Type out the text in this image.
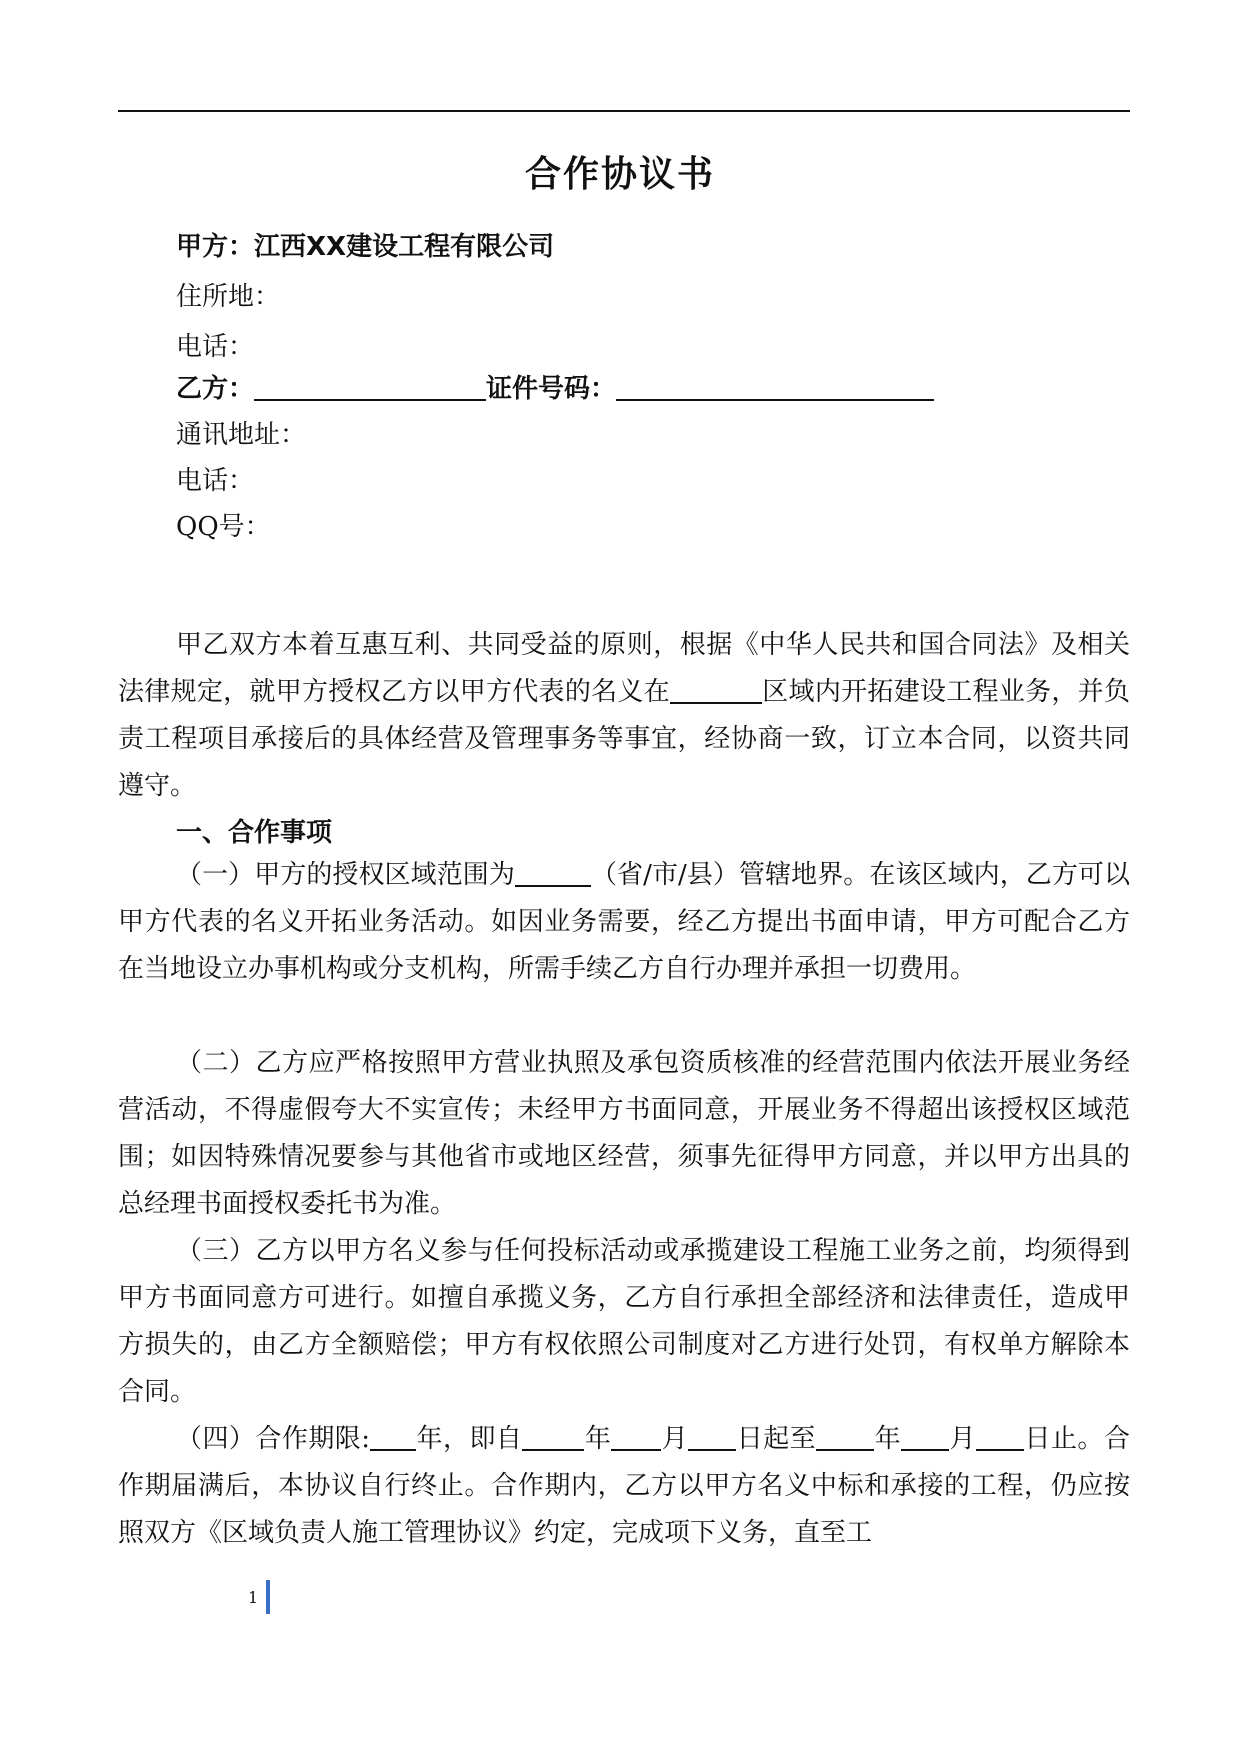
合作协议书
甲方：江西XX建设工程有限公司
住所地：
电话：
乙方：	证件号码：
通讯地址：
电话：
QQ号：

甲乙双方本着互惠互利、共同受益的原则，根据《中华人民共和国合同法》及相关法律规定，就甲方授权乙方以甲方代表的名义在	区域内开拓建设工程业务，并负责工程项目承接后的具体经营及管理事务等事宜，经协商一致，订立本合同，以资共同遵守。

一、合作事项

（一）甲方的授权区域范围为	（省/市/县）管辖地界。在该区域内，乙方可以甲方代表的名义开拓业务活动。如因业务需要，经乙方提出书面申请，甲方可配合乙方在当地设立办事机构或分支机构，所需手续乙方自行办理并承担一切费用。

（二）乙方应严格按照甲方营业执照及承包资质核准的经营范围内依法开展业务经营活动，不得虚假夸大不实宣传；未经甲方书面同意，开展业务不得超出该授权区域范围；如因特殊情况要参与其他省市或地区经营，须事先征得甲方同意，并以甲方出具的总经理书面授权委托书为准。

（三）乙方以甲方名义参与任何投标活动或承揽建设工程施工业务之前，均须得到甲方书面同意方可进行。如擅自承揽义务，乙方自行承担全部经济和法律责任，造成甲方损失的，由乙方全额赔偿；甲方有权依照公司制度对乙方进行处罚，有权单方解除本合同。

（四）合作期限: 年，即自 年 月 日起至 年 月 日止。合作期届满后，本协议自行终止。合作期内，乙方以甲方名义中标和承接的工程，仍应按照双方《区域负责人施工管理协议》约定，完成项下义务，直至工

1
